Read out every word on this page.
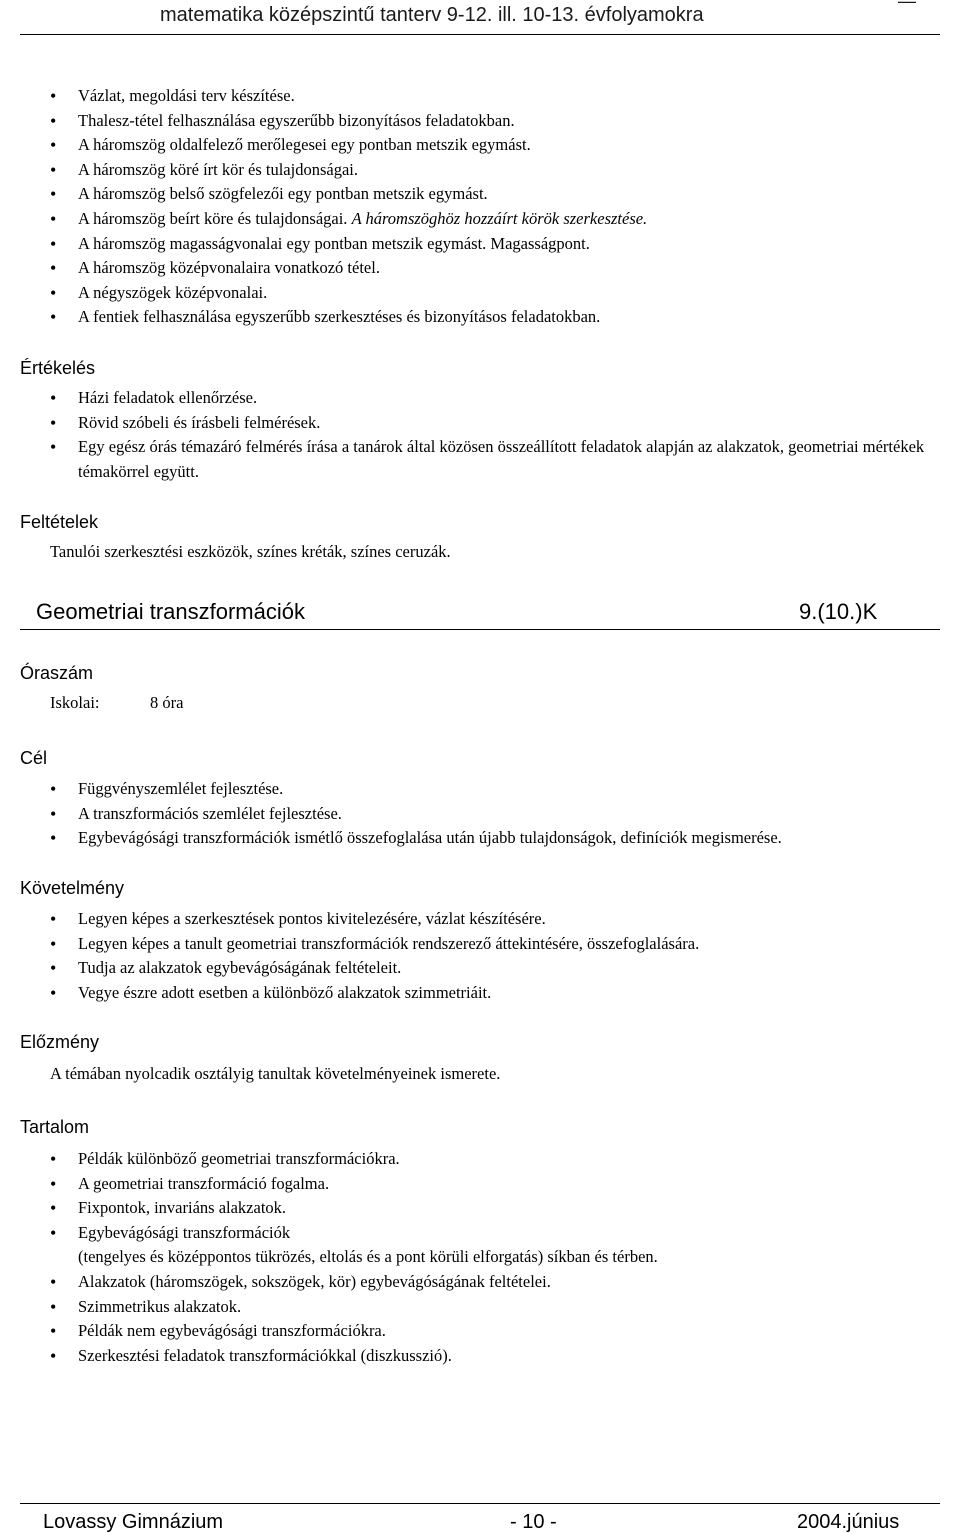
matematika középszintű tanterv 9-12. ill. 10-13. évfolyamokra
—
• Vázlat, megoldási terv készítése.
• Thalesz-tétel felhasználása egyszerűbb bizonyításos feladatokban.
• A háromszög oldalfelező merőlegesei egy pontban metszik egymást.
• A háromszög köré írt kör és tulajdonságai.
• A háromszög belső szögfelezői egy pontban metszik egymást.
• A háromszög beírt köre és tulajdonságai. A háromszöghöz hozzáírt körök szerkesztése.
• A háromszög magasságvonalai egy pontban metszik egymást. Magasságpont.
• A háromszög középvonalaira vonatkozó tétel.
• A négyszögek középvonalai.
• A fentiek felhasználása egyszerűbb szerkesztéses és bizonyításos feladatokban.
Értékelés
• Házi feladatok ellenőrzése.
• Rövid szóbeli és írásbeli felmérések.
• Egy egész órás témazáró felmérés írása a tanárok által közösen összeállított feladatok alapján az alakzatok, geometriai mértékek témakörrel együtt.
Feltételek
Tanulói szerkesztési eszközök, színes kréták, színes ceruzák.
Geometriai transzformációk	9.(10.)K
Óraszám
Iskolai:	8 óra
Cél
• Függvényszemlélet fejlesztése.
• A transzformációs szemlélet fejlesztése.
• Egybevágósági transzformációk ismétlő összefoglalása után újabb tulajdonságok, definíciók megismerése.
Követelmény
• Legyen képes a szerkesztések pontos kivitelezésére, vázlat készítésére.
• Legyen képes a tanult geometriai transzformációk rendszerező áttekintésére, összefoglalására.
• Tudja az alakzatok egybevágóságának feltételeit.
• Vegye észre adott esetben a különböző alakzatok szimmetriáit.
Előzmény
A témában nyolcadik osztályig tanultak követelményeinek ismerete.
Tartalom
• Példák különböző geometriai transzformációkra.
• A geometriai transzformáció fogalma.
• Fixpontok, invariáns alakzatok.
• Egybevágósági transzformációk
(tengelyes és középpontos tükrözés, eltolás és a pont körüli elforgatás) síkban és térben.
• Alakzatok (háromszögek, sokszögek, kör) egybevágóságának feltételei.
• Szimmetrikus alakzatok.
• Példák nem egybevágósági transzformációkra.
• Szerkesztési feladatok transzformációkkal (diszkusszió).
Lovassy Gimnázium	- 10 -	2004.június
